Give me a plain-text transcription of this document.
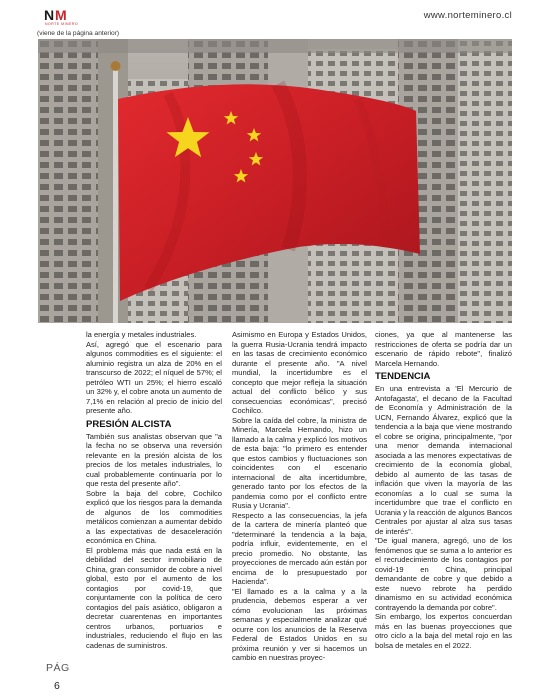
N M
NORTE MINERO
www.norteminero.cl
(viene de la página anterior)

la energía y metales industriales.

Así, agregó que el escenario para algunos commodities es el siguiente: el aluminio registra un alza de 20% en el transcurso de 2022; el níquel de 57%; el petróleo WTI un 25%; el hierro escaló un 32% y, el cobre anota un aumento de 7,1% en relación al precio de inicio del presente año.

PRESIÓN ALCISTA

También sus analistas observan que "a la fecha no se observa una reversión relevante en la presión alcista de los precios de los metales industriales, lo cual probablemente continuaría por lo que resta del presente año".

Sobre la baja del cobre, Cochilco explicó que los riesgos para la demanda de algunos de los commodities metálicos comienzan a aumentar debido a las expectativas de desaceleración económica en China.

El problema más que nada está en la debilidad del sector inmobiliario de China, gran consumidor de cobre a nivel global, esto por el aumento de los contagios por covid-19, que conjuntamente con la política de cero contagios del país asiático, obligaron a decretar cuarentenas en importantes centros urbanos, portuarios e industriales, reduciendo el flujo en las cadenas de suministros.

Asimismo en Europa y Estados Unidos, la guerra Rusia-Ucrania tendrá impacto en las tasas de crecimiento económico durante el presente año. "A nivel mundial, la incertidumbre es el concepto que mejor refleja la situación actual del conflicto bélico y sus consecuencias económicas", precisó Cochilco.

Sobre la caída del cobre, la ministra de Minería, Marcela Hernando, hizo un llamado a la calma y explicó los motivos de esta baja: "lo primero es entender que estos cambios y fluctuaciones son coincidentes con el escenario internacional de alta incertidumbre, generado tanto por los efectos de la pandemia como por el conflicto entre Rusia y Ucrania".

Respecto a las consecuencias, la jefa de la cartera de minería planteó que "determinaré la tendencia a la baja, podría influir, evidentemente, en el precio promedio. No obstante, las proyecciones de mercado aún están por encima de lo presupuestado por Hacienda".

"El llamado es a la calma y a la prudencia, debemos esperar a ver cómo evolucionan las próximas semanas y especialmente analizar qué ocurre con los anuncios de la Reserva Federal de Estados Unidos en su próxima reunión y ver si hacemos un cambio en nuestras proyec-

ciones, ya que al mantenerse las restricciones de oferta se podría dar un escenario de rápido rebote", finalizó Marcela Hernando.

TENDENCIA

En una entrevista a 'El Mercurio de Antofagasta', el decano de la Facultad de Economía y Administración de la UCN, Fernando Álvarez, explicó que la tendencia a la baja que viene mostrando el cobre se origina, principalmente, "por una menor demanda internacional asociada a las menores expectativas de crecimiento de la economía global, debido al aumento de las tasas de inflación que viven la mayoría de las economías a lo cual se suma la incertidumbre que trae el conflicto en Ucrania y la reacción de algunos Bancos Centrales por ajustar al alza sus tasas de interés".

"De igual manera, agregó, uno de los fenómenos que se suma a lo anterior es el recrudecimiento de los contagios por covid-19 en China, principal demandante de cobre y que debido a este nuevo rebrote ha perdido dinamismo en su actividad económica contrayendo la demanda por cobre".

Sin embargo, los expertos concuerdan más en las buenas proyecciones que otro ciclo a la baja del metal rojo en las bolsa de metales en el 2022.

PÁG
6
